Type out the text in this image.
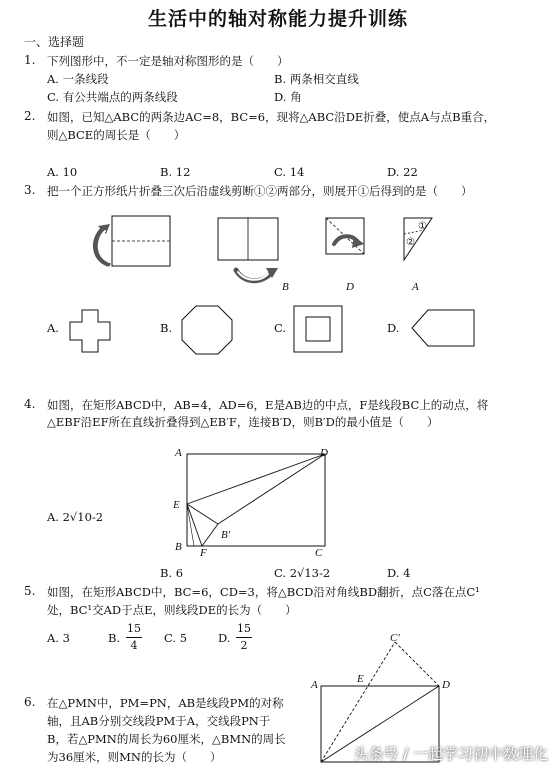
生活中的轴对称能力提升训练
一、选择题
1. 下列图形中，不一定是轴对称图形的是（　　）
A. 一条线段	B. 两条相交直线
C. 有公共端点的两条线段	D. 角
2. 如图，已知△ABC的两条边AC=8，BC=6，现将△ABC沿DE折叠，使点A与点B重合，
则△BCE的周长是（　　）
A. 10	B. 12	C. 14	D. 22
3. 把一个正方形纸片折叠三次后沿虚线剪断①②两部分，则展开①后得到的是（　　）
B	D
①
②
A
A.	B.	C.	D.
4. 如图，在矩形ABCD中，AB=4，AD=6，E是AB边的中点，F是线段BC上的动点，将
△EBF沿EF所在直线折叠得到△EB′F，连接B′D，则B′D的最小值是（　　）
A	D
E
B′
B F	C
A. 2√10-2
B. 6	C. 2√13-2	D. 4
5. 如图，在矩形ABCD中，BC=6，CD=3，将△BCD沿对角线BD翻折，点C落在点C¹
处，BC¹交AD于点E，则线段DE的长为（　　）
A. 3	B.
15
4
C. 5	D.
15
2
C′
A	E	D
6. 在△PMN中，PM=PN，AB是线段PM的对称
轴，且AB分别交线段PM于A，交线段PN于
B，若△PMN的周长为60厘米，△BMN的周长
为36厘米，则MN的长为（　　）	头条号 / 一起学习初中数理化
